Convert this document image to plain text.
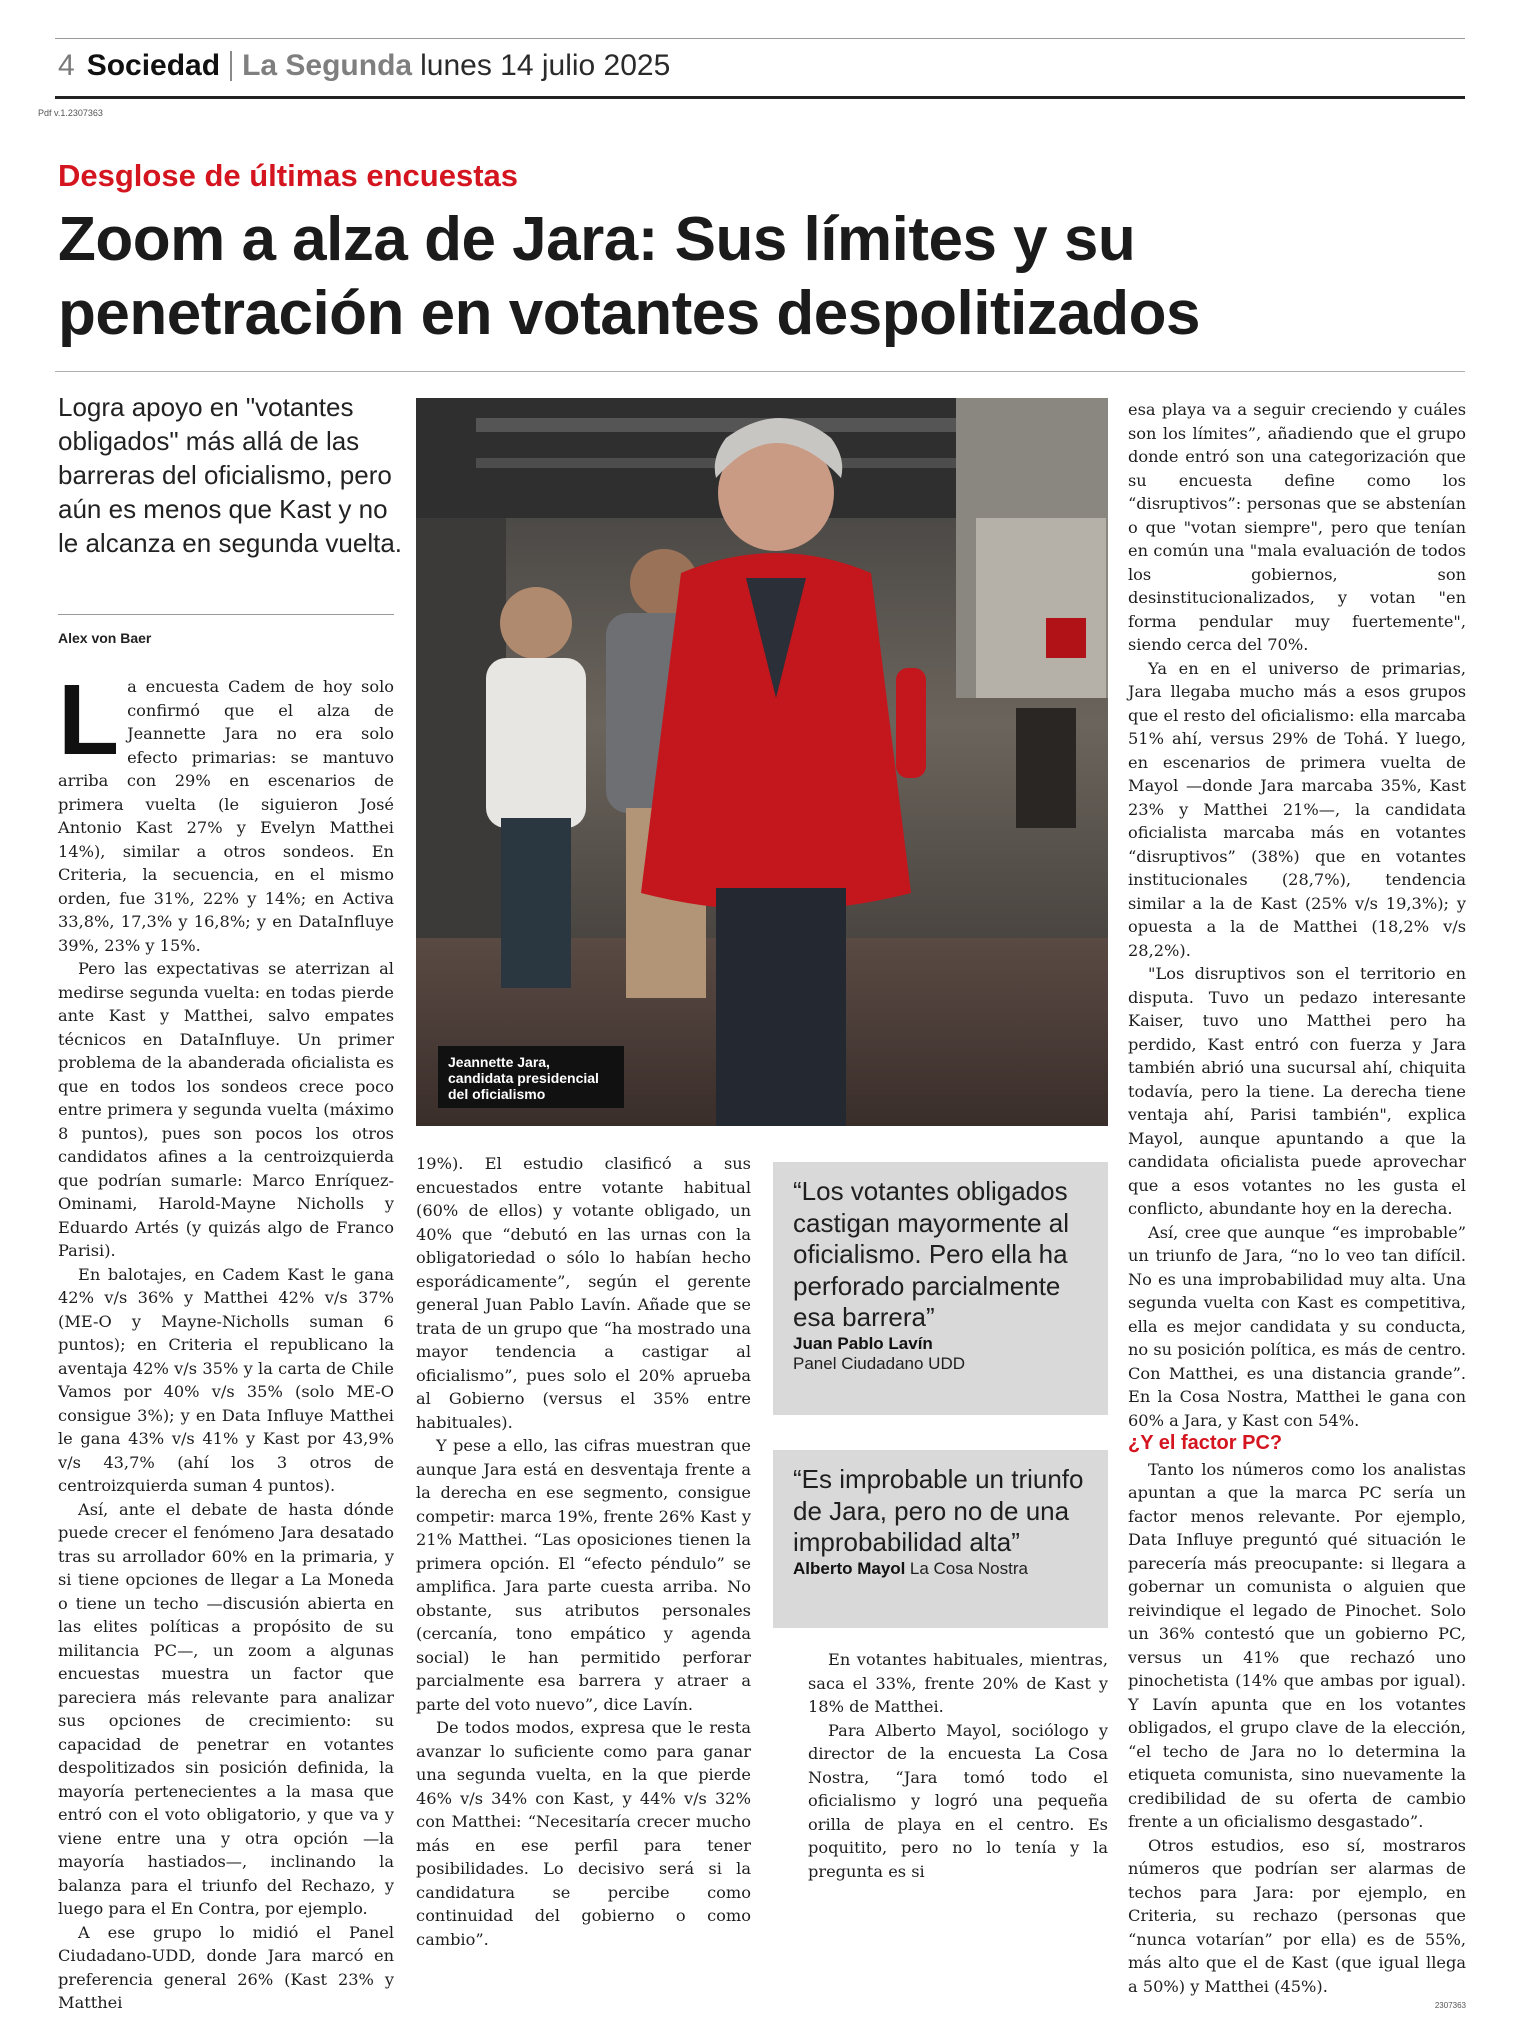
4 Sociedad La Segunda lunes 14 julio 2025
Pdf v.1.2307363
Desglose de últimas encuestas
Zoom a alza de Jara: Sus límites y su
penetración en votantes despolitizados
Logra apoyo en "votantes obligados" más allá de las barreras del oficialismo, pero aún es menos que Kast y no le alcanza en segunda vuelta.
Alex von Baer

La encuesta Cadem de hoy solo confirmó que el alza de Jeannette Jara no era solo efecto primarias: se mantuvo arriba con 29% en escenarios de primera vuelta (le siguieron José Antonio Kast 27% y Evelyn Matthei 14%), similar a otros sondeos. En Criteria, la secuencia, en el mismo orden, fue 31%, 22% y 14%; en Activa 33,8%, 17,3% y 16,8%; y en DataInfluye 39%, 23% y 15%.

Pero las expectativas se aterrizan al medirse segunda vuelta: en todas pierde ante Kast y Matthei, salvo empates técnicos en DataInfluye. Un primer problema de la abanderada oficialista es que en todos los sondeos crece poco entre primera y segunda vuelta (máximo 8 puntos), pues son pocos los otros candidatos afines a la centroizquierda que podrían sumarle: Marco Enríquez-Ominami, Harold-Mayne Nicholls y Eduardo Artés (y quizás algo de Franco Parisi).

En balotajes, en Cadem Kast le gana 42% v/s 36% y Matthei 42% v/s 37% (ME-O y Mayne-Nicholls suman 6 puntos); en Criteria el republicano la aventaja 42% v/s 35% y la carta de Chile Vamos por 40% v/s 35% (solo ME-O consigue 3%); y en Data Influye Matthei le gana 43% v/s 41% y Kast por 43,9% v/s 43,7% (ahí los 3 otros de centroizquierda suman 4 puntos).

Así, ante el debate de hasta dónde puede crecer el fenómeno Jara desatado tras su arrollador 60% en la primaria, y si tiene opciones de llegar a La Moneda o tiene un techo —discusión abierta en las elites políticas a propósito de su militancia PC—, un zoom a algunas encuestas muestra un factor que pareciera más relevante para analizar sus opciones de crecimiento: su capacidad de penetrar en votantes despolitizados sin posición definida, la mayoría pertenecientes a la masa que entró con el voto obligatorio, y que va y viene entre una y otra opción —la mayoría hastiados—, inclinando la balanza para el triunfo del Rechazo, y luego para el En Contra, por ejemplo.

A ese grupo lo midió el Panel Ciudadano-UDD, donde Jara marcó en preferencia general 26% (Kast 23% y Matthei

Jeannette Jara,
candidata presidencial
del oficialismo

19%). El estudio clasificó a sus encuestados entre votante habitual (60% de ellos) y votante obligado, un 40% que “debutó en las urnas con la obligatoriedad o sólo lo habían hecho esporádicamente”, según el gerente general Juan Pablo Lavín. Añade que se trata de un grupo que “ha mostrado una mayor tendencia a castigar al oficialismo”, pues solo el 20% aprueba al Gobierno (versus el 35% entre habituales).

Y pese a ello, las cifras muestran que aunque Jara está en desventaja frente a la derecha en ese segmento, consigue competir: marca 19%, frente 26% Kast y 21% Matthei. “Las oposiciones tienen la primera opción. El “efecto péndulo” se amplifica. Jara parte cuesta arriba. No obstante, sus atributos personales (cercanía, tono empático y agenda social) le han permitido perforar parcialmente esa barrera y atraer a parte del voto nuevo”, dice Lavín.

De todos modos, expresa que le resta avanzar lo suficiente como para ganar una segunda vuelta, en la que pierde 46% v/s 34% con Kast, y 44% v/s 32% con Matthei: “Necesitaría crecer mucho más en ese perfil para tener posibilidades. Lo decisivo será si la candidatura se percibe como continuidad del gobierno o como cambio”.

“Los votantes obligados castigan mayormente al oficialismo. Pero ella ha perforado parcialmente esa barrera”
Juan Pablo Lavín
Panel Ciudadano UDD
“Es improbable un triunfo de Jara, pero no de una improbabilidad alta”
Alberto Mayol La Cosa Nostra

En votantes habituales, mientras, saca el 33%, frente 20% de Kast y 18% de Matthei.

Para Alberto Mayol, sociólogo y director de la encuesta La Cosa Nostra, “Jara tomó todo el oficialismo y logró una pequeña orilla de playa en el centro. Es poquitito, pero no lo tenía y la pregunta es si

esa playa va a seguir creciendo y cuáles son los límites”, añadiendo que el grupo donde entró son una categorización que su encuesta define como los “disruptivos”: personas que se abstenían o que "votan siempre", pero que tenían en común una "mala evaluación de todos los gobiernos, son desinstitucionalizados, y votan "en forma pendular muy fuertemente", siendo cerca del 70%.

Ya en en el universo de primarias, Jara llegaba mucho más a esos grupos que el resto del oficialismo: ella marcaba 51% ahí, versus 29% de Tohá. Y luego, en escenarios de primera vuelta de Mayol —donde Jara marcaba 35%, Kast 23% y Matthei 21%—, la candidata oficialista marcaba más en votantes “disruptivos” (38%) que en votantes institucionales (28,7%), tendencia similar a la de Kast (25% v/s 19,3%); y opuesta a la de Matthei (18,2% v/s 28,2%).

"Los disruptivos son el territorio en disputa. Tuvo un pedazo interesante Kaiser, tuvo uno Matthei pero ha perdido, Kast entró con fuerza y Jara también abrió una sucursal ahí, chiquita todavía, pero la tiene. La derecha tiene ventaja ahí, Parisi también", explica Mayol, aunque apuntando a que la candidata oficialista puede aprovechar que a esos votantes no les gusta el conflicto, abundante hoy en la derecha.

Así, cree que aunque “es improbable” un triunfo de Jara, “no lo veo tan difícil. No es una improbabilidad muy alta. Una segunda vuelta con Kast es competitiva, ella es mejor candidata y su conducta, no su posición política, es más de centro. Con Matthei, es una distancia grande”. En la Cosa Nostra, Matthei le gana con 60% a Jara, y Kast con 54%.

¿Y el factor PC?

Tanto los números como los analistas apuntan a que la marca PC sería un factor menos relevante. Por ejemplo, Data Influye preguntó qué situación le parecería más preocupante: si llegara a gobernar un comunista o alguien que reivindique el legado de Pinochet. Solo un 36% contestó que un gobierno PC, versus un 41% que rechazó uno pinochetista (14% que ambas por igual). Y Lavín apunta que en los votantes obligados, el grupo clave de la elección, “el techo de Jara no lo determina la etiqueta comunista, sino nuevamente la credibilidad de su oferta de cambio frente a un oficialismo desgastado”.

Otros estudios, eso sí, mostraros números que podrían ser alarmas de techos para Jara: por ejemplo, en Criteria, su rechazo (personas que “nunca votarían” por ella) es de 55%, más alto que el de Kast (que igual llega a 50%) y Matthei (45%).

2307363
